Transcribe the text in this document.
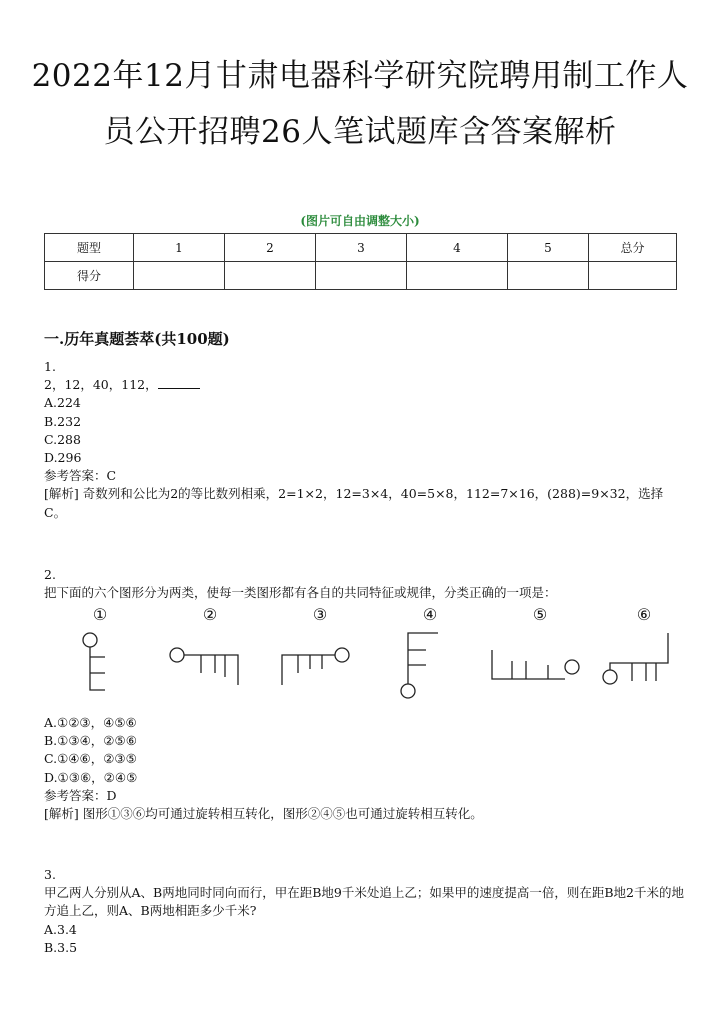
2022年12月甘肃电器科学研究院聘用制工作人员公开招聘26人笔试题库含答案解析
(图片可自由调整大小)
题型	1	2	3	4	5	总分
得分						
一.历年真题荟萃(共100题)
1.
2，12，40，112，
A.224
B.232
C.288
D.296
参考答案：C
[解析] 奇数列和公比为2的等比数列相乘，2=1×2，12=3×4，40=5×8，112=7×16，(288)=9×32，选择C。
2.
把下面的六个图形分为两类，使每一类图形都有各自的共同特征或规律，分类正确的一项是：
①	②	③	④	⑤	⑥
A.①②③，④⑤⑥
B.①③④，②⑤⑥
C.①④⑥，②③⑤
D.①③⑥，②④⑤
参考答案：D
[解析] 图形①③⑥均可通过旋转相互转化，图形②④⑤也可通过旋转相互转化。
3.
甲乙两人分别从A、B两地同时同向而行，甲在距B地9千米处追上乙；如果甲的速度提高一倍，则在距B地2千米的地方追上乙，则A、B两地相距多少千米?
A.3.4
B.3.5
